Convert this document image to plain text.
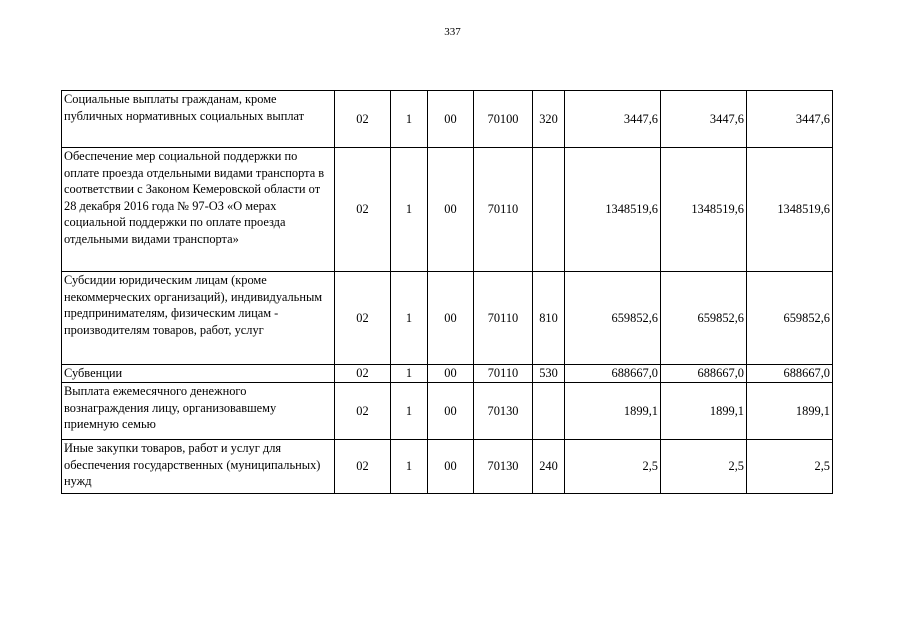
337
Социальные выплаты гражданам, кроме публичных нормативных социальных выплат	02	1	00	70100	320	3447,6	3447,6	3447,6
Обеспечение мер социальной поддержки по оплате проезда отдельными видами транспорта в соответствии с Законом Кемеровской области от 28 декабря 2016 года № 97-ОЗ «О мерах социальной поддержки по оплате проезда отдельными видами транспорта»	02	1	00	70110		1348519,6	1348519,6	1348519,6
Субсидии юридическим лицам (кроме некоммерческих организаций), индивидуальным предпринимателям, физическим лицам - производителям товаров, работ, услуг	02	1	00	70110	810	659852,6	659852,6	659852,6
Субвенции	02	1	00	70110	530	688667,0	688667,0	688667,0
Выплата ежемесячного денежного вознаграждения лицу, организовавшему приемную семью	02	1	00	70130		1899,1	1899,1	1899,1
Иные закупки товаров, работ и услуг для обеспечения государственных (муниципальных) нужд	02	1	00	70130	240	2,5	2,5	2,5
